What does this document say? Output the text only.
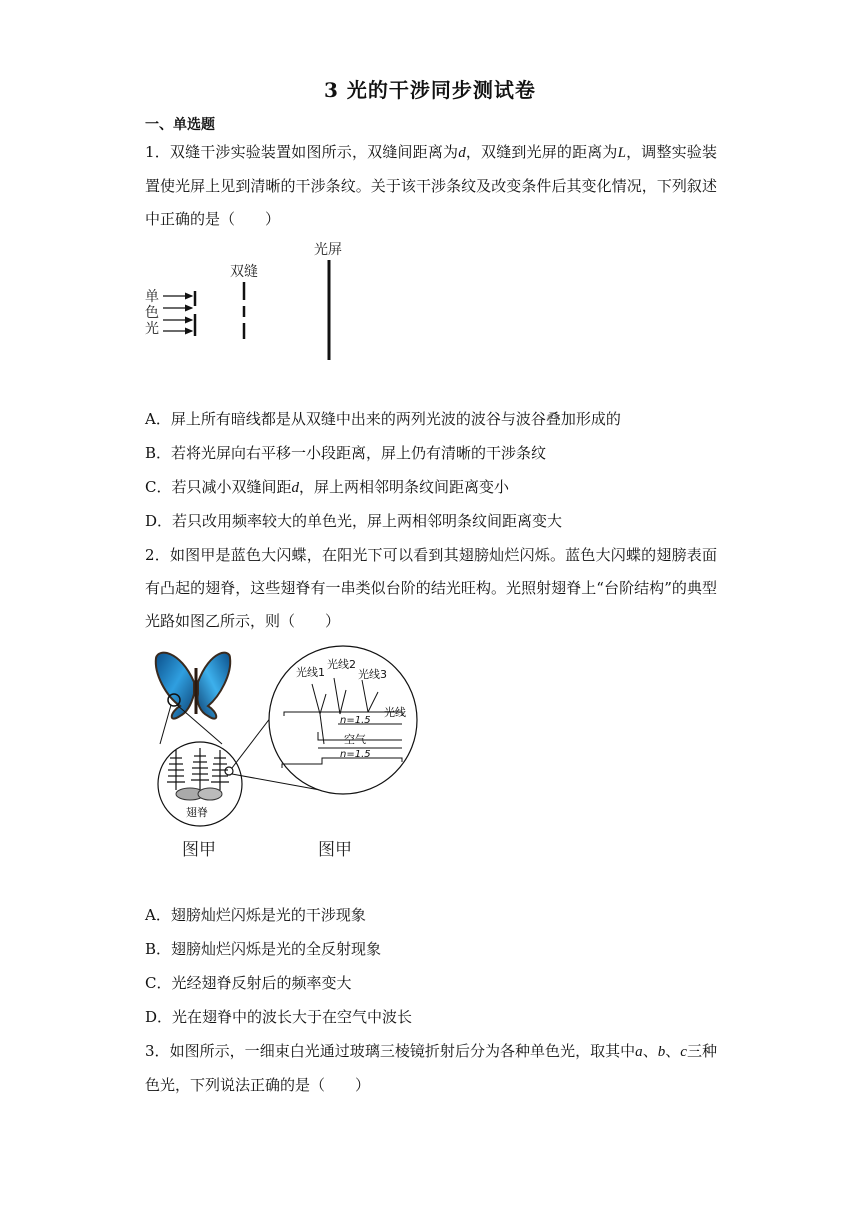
3 光的干涉同步测试卷
一、单选题
1．双缝干涉实验装置如图所示，双缝间距离为d，双缝到光屏的距离为L，调整实验装置使光屏上见到清晰的干涉条纹。关于该干涉条纹及改变条件后其变化情况，下列叙述中正确的是（　　）
光屏
双缝
单
色
光
A．屏上所有暗线都是从双缝中出来的两列光波的波谷与波谷叠加形成的
B．若将光屏向右平移一小段距离，屏上仍有清晰的干涉条纹
C．若只减小双缝间距d，屏上两相邻明条纹间距离变小
D．若只改用频率较大的单色光，屏上两相邻明条纹间距离变大
2．如图甲是蓝色大闪蝶，在阳光下可以看到其翅膀灿烂闪烁。蓝色大闪蝶的翅膀表面有凸起的翅脊，这些翅脊有一串类似台阶的结光旺构。光照射翅脊上“台阶结构”的典型光路如图乙所示，则（　　）
翅脊
光线1
光线2
光线3
光线
n=1.5
空气
n=1.5
图甲	图甲
A．翅膀灿烂闪烁是光的干涉现象
B．翅膀灿烂闪烁是光的全反射现象
C．光经翅脊反射后的频率变大
D．光在翅脊中的波长大于在空气中波长
3．如图所示，一细束白光通过玻璃三棱镜折射后分为各种单色光，取其中a、b、c三种色光，下列说法正确的是（　　）
